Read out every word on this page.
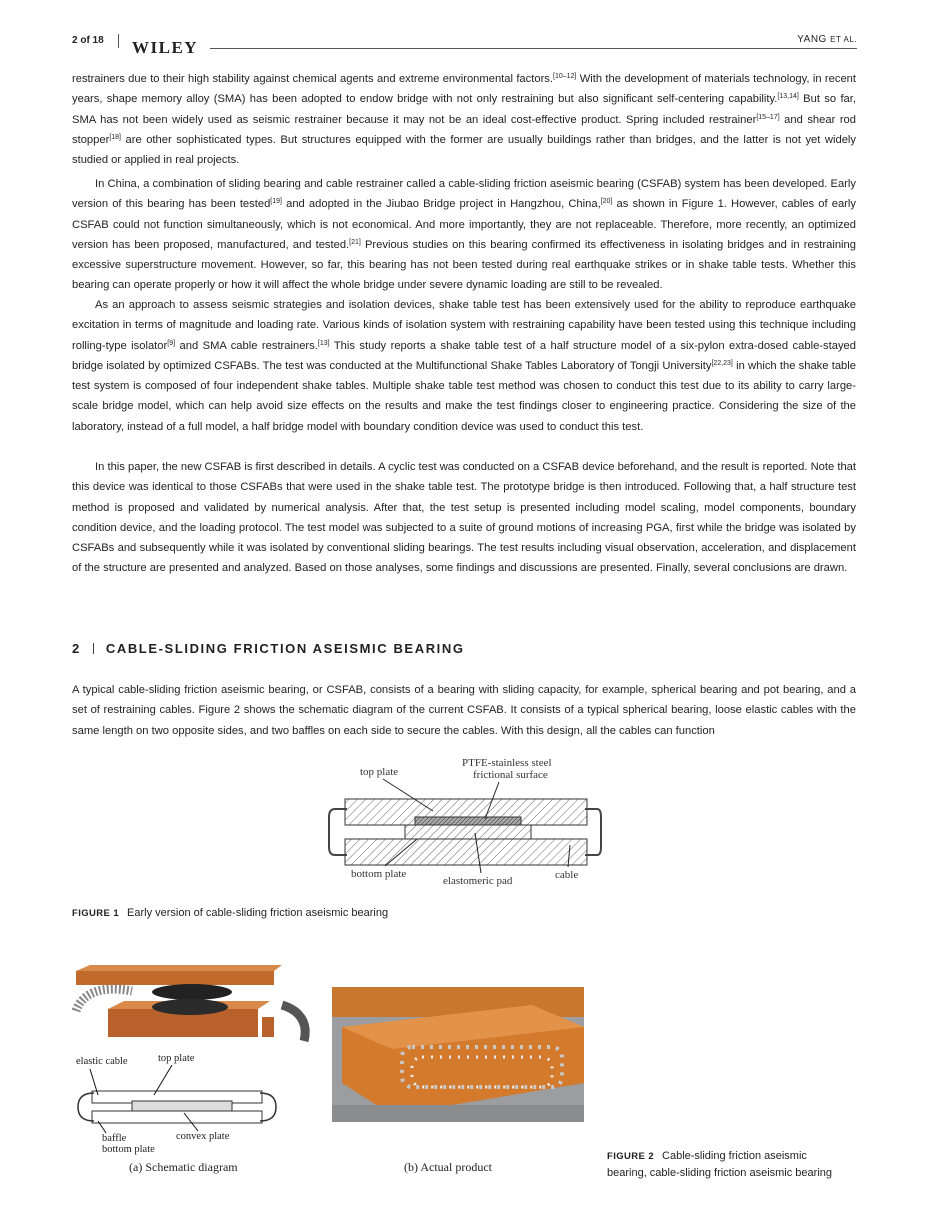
2 of 18 WILEY	YANG ET AL.

restrainers due to their high stability against chemical agents and extreme environmental factors.[10–12] With the development of materials technology, in recent years, shape memory alloy (SMA) has been adopted to endow bridge with not only restraining but also significant self-centering capability.[13,14] But so far, SMA has not been widely used as seismic restrainer because it may not be an ideal cost-effective product. Spring included restrainer[15–17] and shear rod stopper[18] are other sophisticated types. But structures equipped with the former are usually buildings rather than bridges, and the latter is not yet widely studied or applied in real projects.

In China, a combination of sliding bearing and cable restrainer called a cable-sliding friction aseismic bearing (CSFAB) system has been developed. Early version of this bearing has been tested[19] and adopted in the Jiubao Bridge project in Hangzhou, China,[20] as shown in Figure 1. However, cables of early CSFAB could not function simultaneously, which is not economical. And more importantly, they are not replaceable. Therefore, more recently, an optimized version has been proposed, manufactured, and tested.[21] Previous studies on this bearing confirmed its effectiveness in isolating bridges and in restraining excessive superstructure movement. However, so far, this bearing has not been tested during real earthquake strikes or in shake table tests. Whether this bearing can operate properly or how it will affect the whole bridge under severe dynamic loading are still to be revealed.

As an approach to assess seismic strategies and isolation devices, shake table test has been extensively used for the ability to reproduce earthquake excitation in terms of magnitude and loading rate. Various kinds of isolation system with restraining capability have been tested using this technique including rolling-type isolator[9] and SMA cable restrainers.[13] This study reports a shake table test of a half structure model of a six-pylon extra-dosed cable-stayed bridge isolated by optimized CSFABs. The test was conducted at the Multifunctional Shake Tables Laboratory of Tongji University[22,23] in which the shake table test system is composed of four independent shake tables. Multiple shake table test method was chosen to conduct this test due to its ability to carry large-scale bridge model, which can help avoid size effects on the results and make the test findings closer to engineering practice. Considering the size of the laboratory, instead of a full model, a half bridge model with boundary condition device was used to conduct this test.

In this paper, the new CSFAB is first described in details. A cyclic test was conducted on a CSFAB device beforehand, and the result is reported. Note that this device was identical to those CSFABs that were used in the shake table test. The prototype bridge is then introduced. Following that, a half structure test method is proposed and validated by numerical analysis. After that, the test setup is presented including model scaling, model components, boundary condition device, and the loading protocol. The test model was subjected to a suite of ground motions of increasing PGA, first while the bridge was isolated by CSFABs and subsequently while it was isolated by conventional sliding bearings. The test results including visual observation, acceleration, and displacement of the structure are presented and analyzed. Based on those analyses, some findings and discussions are presented. Finally, several conclusions are drawn.

2 CABLE-SLIDING FRICTION ASEISMIC BEARING

A typical cable-sliding friction aseismic bearing, or CSFAB, consists of a bearing with sliding capacity, for example, spherical bearing and pot bearing, and a set of restraining cables. Figure 2 shows the schematic diagram of the current CSFAB. It consists of a typical spherical bearing, loose elastic cables with the same length on two opposite sides, and two baffles on each side to secure the cables. With this design, all the cables can function

top plate
PTFE-stainless steel
frictional surface
bottom plate
elastomeric pad	cable
FIGURE 1 Early version of cable-sliding friction aseismic bearing
elastic cable	top plate
baffle	convex plate
bottom plate
(a) Schematic diagram	(b) Actual product
FIGURE 2 Cable-sliding friction aseismic
bearing, cable-sliding friction aseismic bearing
